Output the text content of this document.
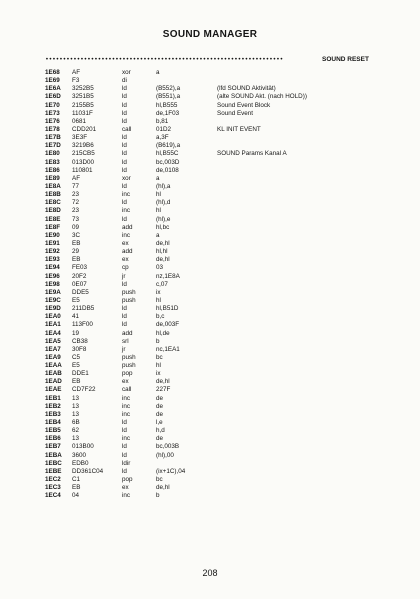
SOUND MANAGER
••••••••••••••••••••••••••••••••••••••••••••••••••••••••••••••••••••	SOUND RESET
1E68 AF	xor	a
1E69 F3	di
1E6A 3252B5	ld	(B552),a	(lfd SOUND Aktivität)
1E6D 3251B5	ld	(B551),a	(alte SOUND Akt. (nach HOLD))
1E70 2155B5	ld	hl,B555	Sound Event Block
1E73 11031F	ld	de,1F03	Sound Event
1E76 0681	ld	b,81
1E78 CDD201	call	01D2	KL INIT EVENT
1E7B 3E3F	ld	a,3F
1E7D 3219B6	ld	(B619),a
1E80 215CB5	ld	hl,B55C	SOUND Params Kanal A
1E83 013D00	ld	bc,003D
1E86 110801	ld	de,0108
1E89 AF	xor	a
1E8A 77	ld	(hl),a
1E8B 23	inc	hl
1E8C 72	ld	(hl),d
1E8D 23	inc	hl
1E8E 73	ld	(hl),e
1E8F 09	add	hl,bc
1E90 3C	inc	a
1E91 EB	ex	de,hl
1E92 29	add	hl,hl
1E93 EB	ex	de,hl
1E94 FE03	cp	03
1E96 20F2	jr	nz,1E8A
1E98 0E07	ld	c,07
1E9A DDE5	push	ix
1E9C E5	push	hl
1E9D 211DB5	ld	hl,B51D
1EA0 41	ld	b,c
1EA1 113F00	ld	de,003F
1EA4 19	add	hl,de
1EA5 CB38	srl	b
1EA7 30F8	jr	nc,1EA1
1EA9 C5	push	bc
1EAA E5	push	hl
1EAB DDE1	pop	ix
1EAD EB	ex	de,hl
1EAE CD7F22	call	227F
1EB1 13	inc	de
1EB2 13	inc	de
1EB3 13	inc	de
1EB4 6B	ld	l,e
1EB5 62	ld	h,d
1EB6 13	inc	de
1EB7 013B00	ld	bc,003B
1EBA 3600	ld	(hl),00
1EBC EDB0	ldir
1EBE DD361C04	ld	(ix+1C),04
1EC2 C1	pop	bc
1EC3 EB	ex	de,hl
1EC4 04	inc	b
208
